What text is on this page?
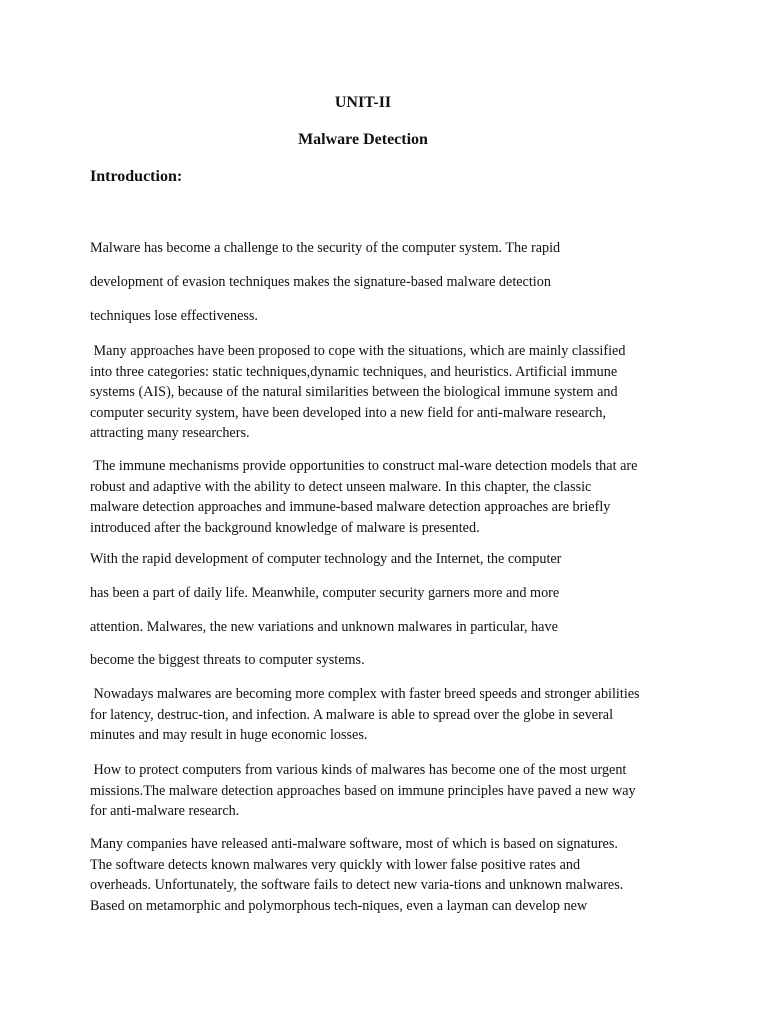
UNIT-II
Malware Detection
Introduction:

Malware has become a challenge to the security of the computer system. The rapid

development of evasion techniques makes the signature-based malware detection

techniques lose effectiveness.

Many approaches have been proposed to cope with the situations, which are mainly classified
into three categories: static techniques,dynamic techniques, and heuristics. Artificial immune
systems (AIS), because of the natural similarities between the biological immune system and
computer security system, have been developed into a new field for anti-malware research,
attracting many researchers.
The immune mechanisms provide opportunities to construct mal-ware detection models that are
robust and adaptive with the ability to detect unseen malware. In this chapter, the classic
malware detection approaches and immune-based malware detection approaches are briefly
introduced after the background knowledge of malware is presented.

With the rapid development of computer technology and the Internet, the computer

has been a part of daily life. Meanwhile, computer security garners more and more

attention. Malwares, the new variations and unknown malwares in particular, have

become the biggest threats to computer systems.

Nowadays malwares are becoming more complex with faster breed speeds and stronger abilities
for latency, destruc-tion, and infection. A malware is able to spread over the globe in several
minutes and may result in huge economic losses.
How to protect computers from various kinds of malwares has become one of the most urgent
missions.The malware detection approaches based on immune principles have paved a new way
for anti-malware research.
Many companies have released anti-malware software, most of which is based on signatures.
The software detects known malwares very quickly with lower false positive rates and
overheads. Unfortunately, the software fails to detect new varia-tions and unknown malwares.
Based on metamorphic and polymorphous tech-niques, even a layman can develop new
